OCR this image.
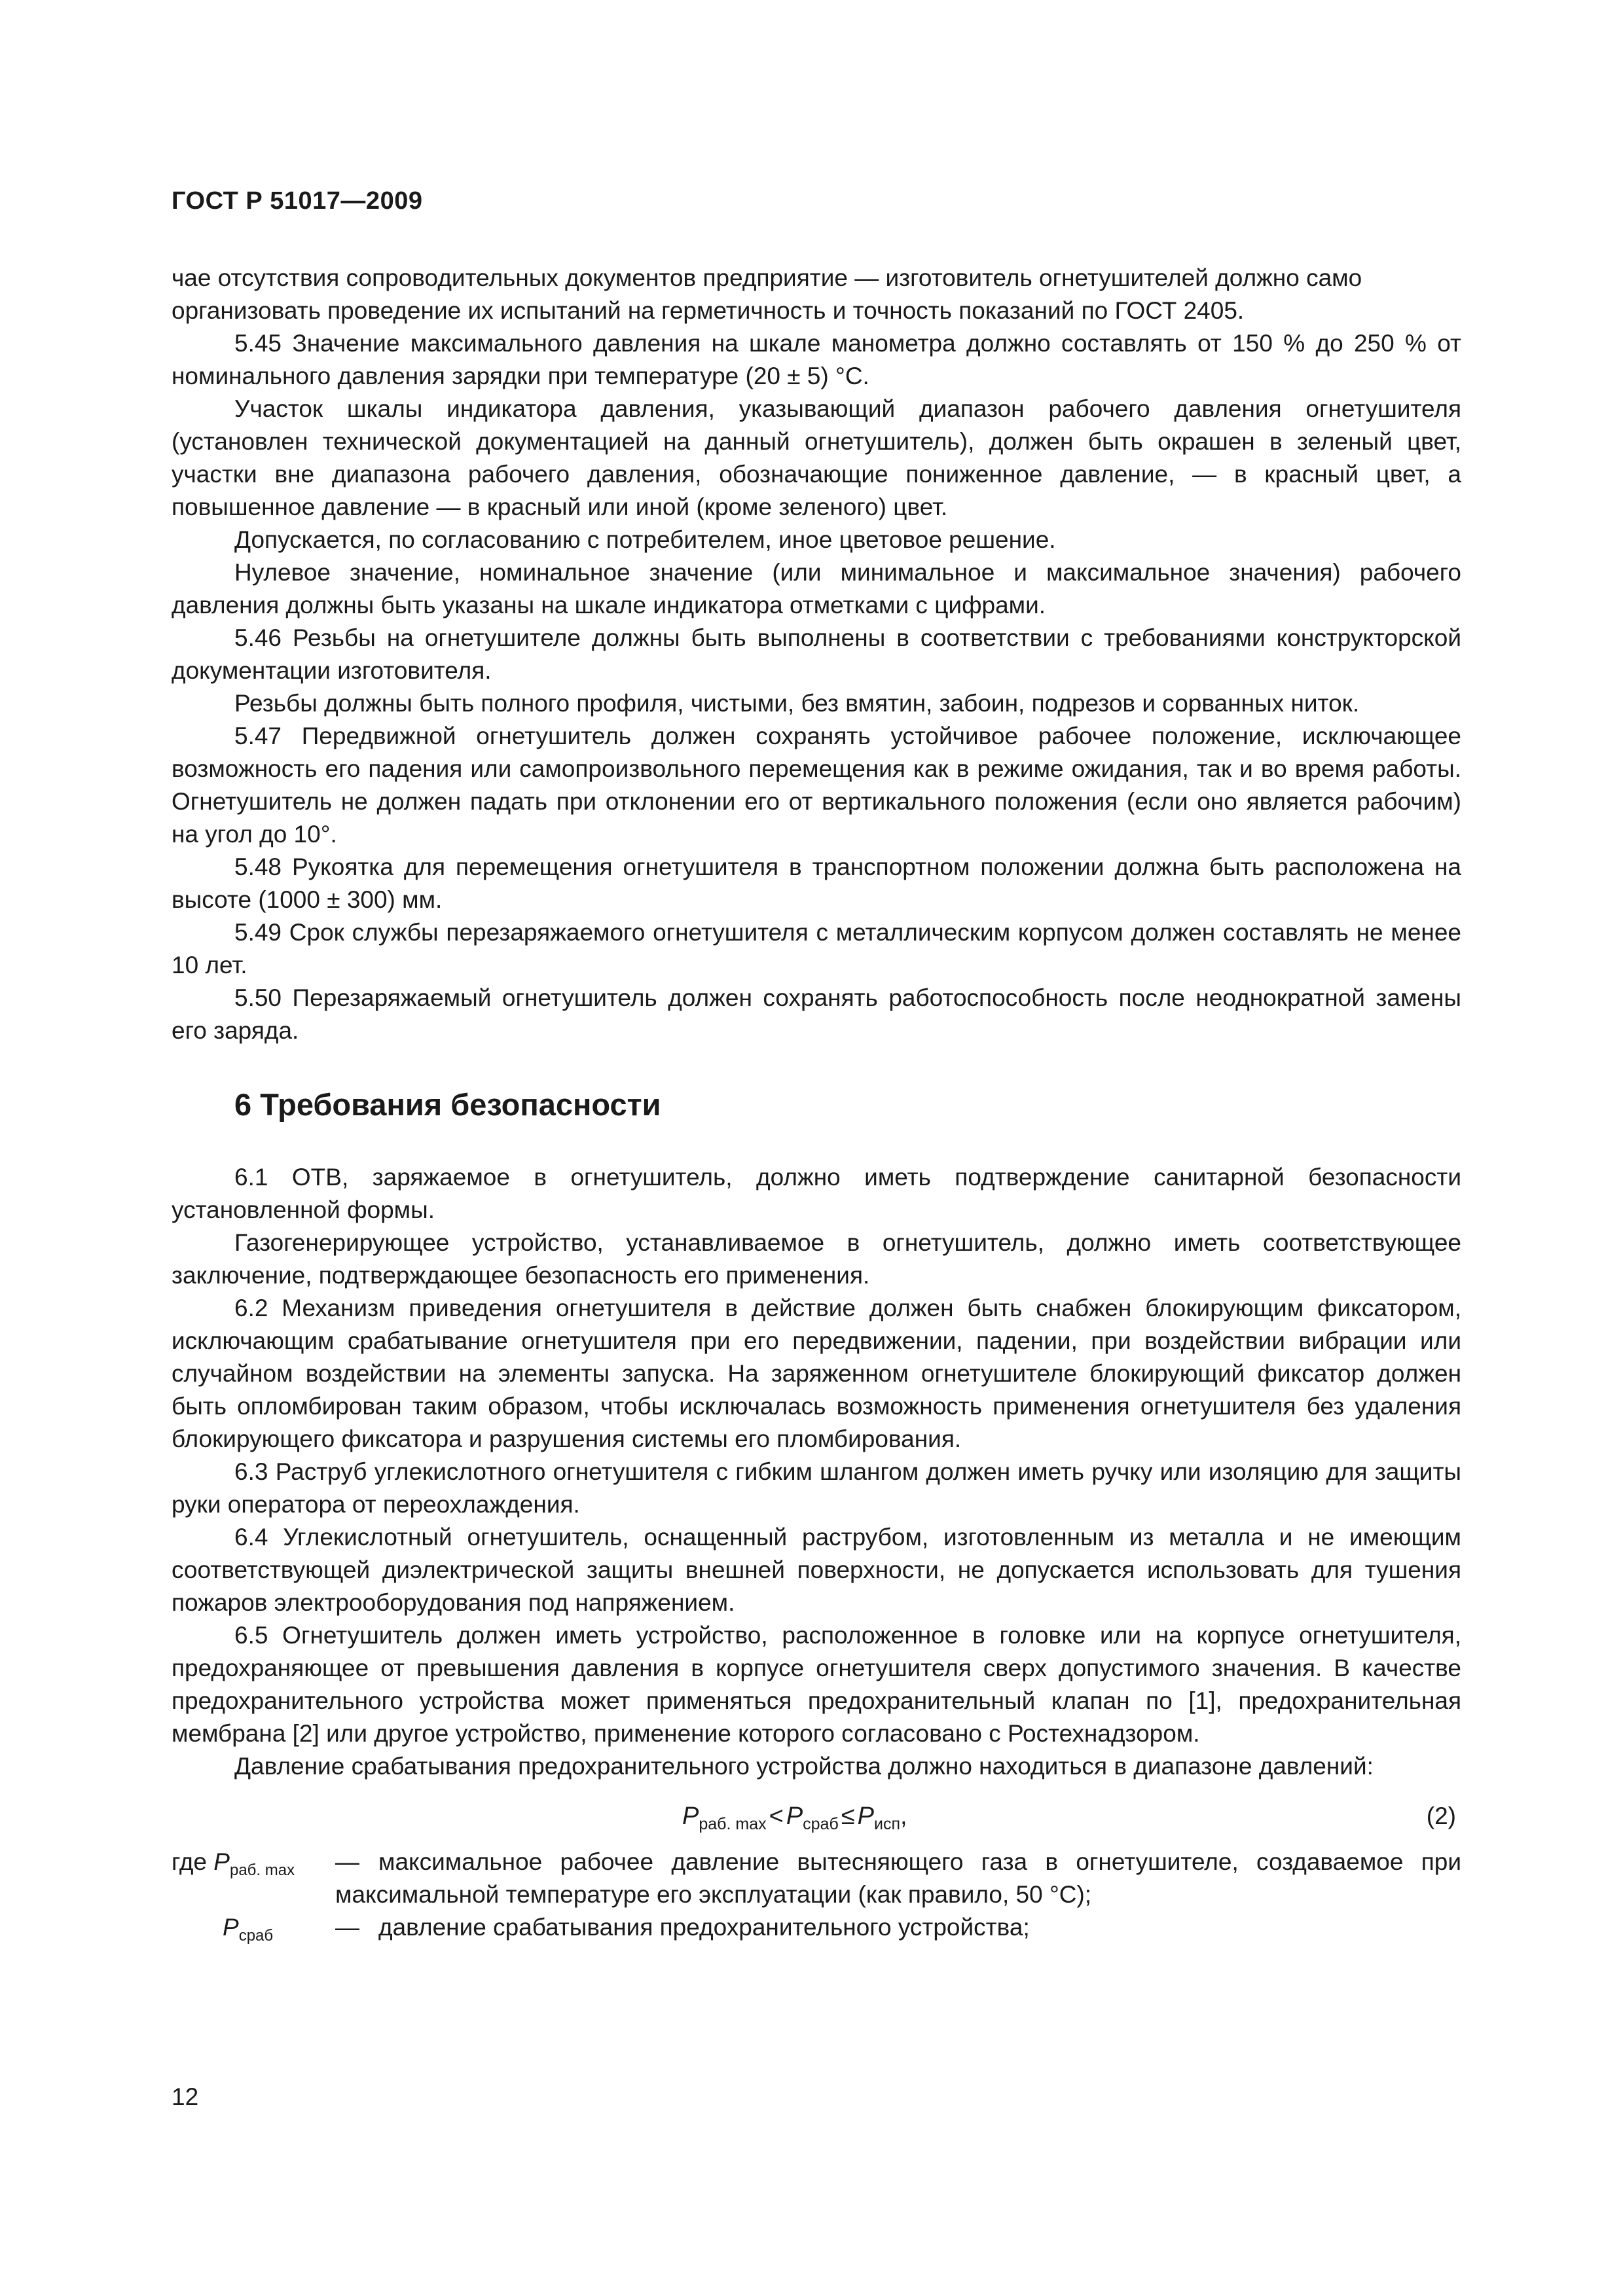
ГОСТ Р 51017—2009

чае отсутствия сопроводительных документов предприятие — изготовитель огнетушителей должно само организовать проведение их испытаний на герметичность и точность показаний по ГОСТ 2405.

5.45 Значение максимального давления на шкале манометра должно составлять от 150 % до 250 % от номинального давления зарядки при температуре (20 ± 5) °С.

Участок шкалы индикатора давления, указывающий диапазон рабочего давления огнетушителя (установлен технической документацией на данный огнетушитель), должен быть окрашен в зеленый цвет, участки вне диапазона рабочего давления, обозначающие пониженное давление, — в красный цвет, а повышенное давление — в красный или иной (кроме зеленого) цвет.

Допускается, по согласованию с потребителем, иное цветовое решение.

Нулевое значение, номинальное значение (или минимальное и максимальное значения) рабочего давления должны быть указаны на шкале индикатора отметками с цифрами.

5.46 Резьбы на огнетушителе должны быть выполнены в соответствии с требованиями конструкторской документации изготовителя.

Резьбы должны быть полного профиля, чистыми, без вмятин, забоин, подрезов и сорванных ниток.

5.47 Передвижной огнетушитель должен сохранять устойчивое рабочее положение, исключающее возможность его падения или самопроизвольного перемещения как в режиме ожидания, так и во время работы. Огнетушитель не должен падать при отклонении его от вертикального положения (если оно является рабочим) на угол до 10°.

5.48 Рукоятка для перемещения огнетушителя в транспортном положении должна быть расположена на высоте (1000 ± 300) мм.

5.49 Срок службы перезаряжаемого огнетушителя с металлическим корпусом должен составлять не менее 10 лет.

5.50 Перезаряжаемый огнетушитель должен сохранять работоспособность после неоднократной замены его заряда.

6 Требования безопасности

6.1 ОТВ, заряжаемое в огнетушитель, должно иметь подтверждение санитарной безопасности установленной формы.

Газогенерирующее устройство, устанавливаемое в огнетушитель, должно иметь соответствующее заключение, подтверждающее безопасность его применения.

6.2 Механизм приведения огнетушителя в действие должен быть снабжен блокирующим фиксатором, исключающим срабатывание огнетушителя при его передвижении, падении, при воздействии вибрации или случайном воздействии на элементы запуска. На заряженном огнетушителе блокирующий фиксатор должен быть опломбирован таким образом, чтобы исключалась возможность применения огнетушителя без удаления блокирующего фиксатора и разрушения системы его пломбирования.

6.3 Раструб углекислотного огнетушителя с гибким шлангом должен иметь ручку или изоляцию для защиты руки оператора от переохлаждения.

6.4 Углекислотный огнетушитель, оснащенный раструбом, изготовленным из металла и не имеющим соответствующей диэлектрической защиты внешней поверхности, не допускается использовать для тушения пожаров электрооборудования под напряжением.

6.5 Огнетушитель должен иметь устройство, расположенное в головке или на корпусе огнетушителя, предохраняющее от превышения давления в корпусе огнетушителя сверх допустимого значения. В качестве предохранительного устройства может применяться предохранительный клапан по [1], предохранительная мембрана [2] или другое устройство, применение которого согласовано с Ростехнадзором.

Давление срабатывания предохранительного устройства должно находиться в диапазоне давлений:

$P_{раб. max} < P_{сраб} \le P_{исп}$,	(2)
где $P_{раб. max}$	— максимальное рабочее давление вытесняющего газа в огнетушителе, создаваемое при максимальной температуре его эксплуатации (как правило, 50 °С);
$P_{сраб}$	— давление срабатывания предохранительного устройства;
12
